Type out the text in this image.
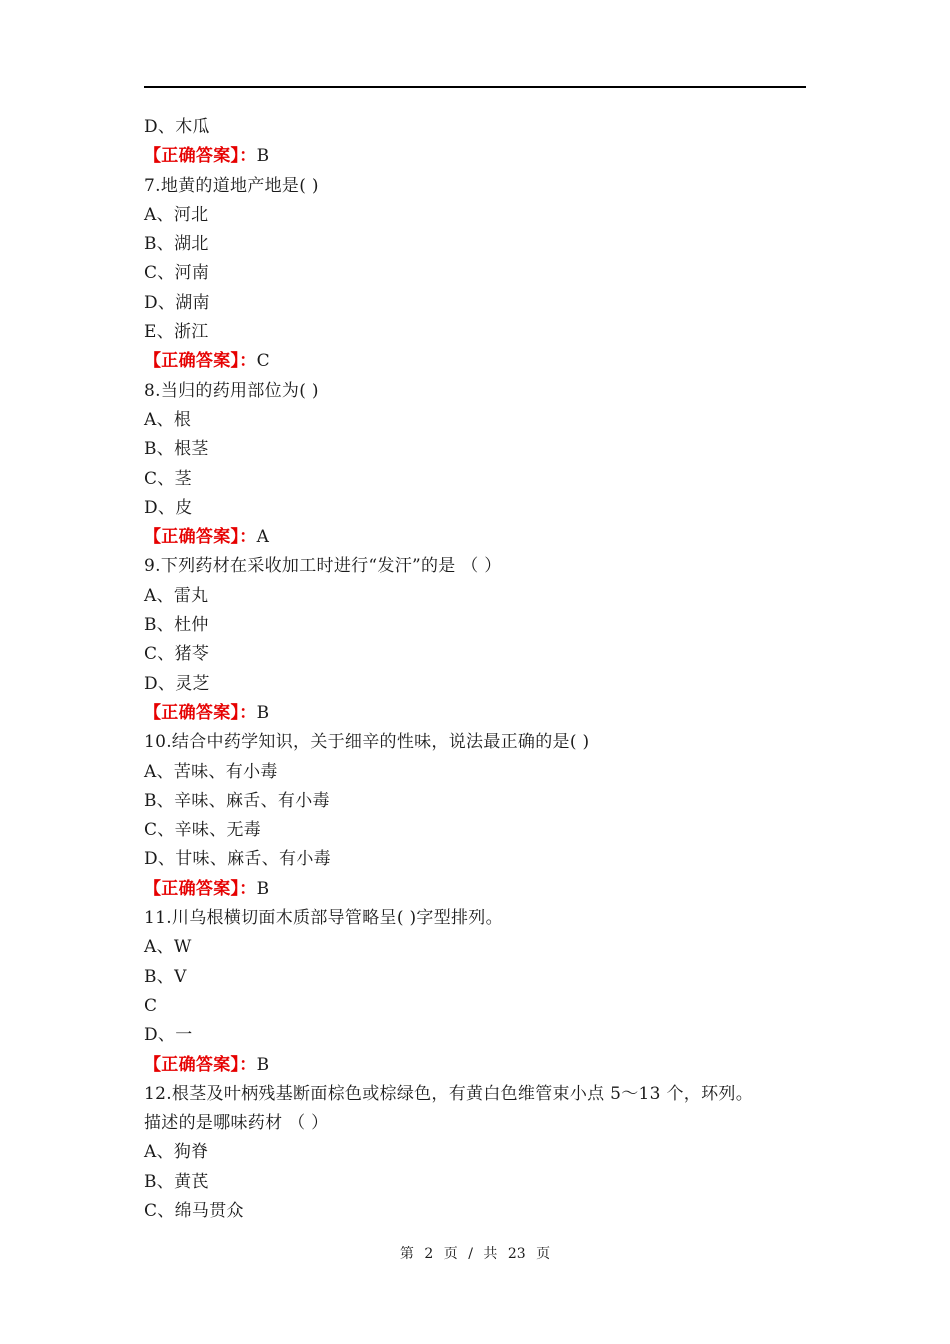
D、木瓜
【正确答案】：B
7.地黄的道地产地是( )
A、河北
B、湖北
C、河南
D、湖南
E、浙江
【正确答案】：C
8.当归的药用部位为( )
A、根
B、根茎
C、茎
D、皮
【正确答案】：A
9.下列药材在采收加工时进行“发汗”的是 （ ）
A、雷丸
B、杜仲
C、猪苓
D、灵芝
【正确答案】：B
10.结合中药学知识，关于细辛的性味，说法最正确的是( )
A、苦味、有小毒
B、辛味、麻舌、有小毒
C、辛味、无毒
D、甘味、麻舌、有小毒
【正确答案】：B
11.川乌根横切面木质部导管略呈( )字型排列。
A、W
B、V
C
D、一
【正确答案】：B
12.根茎及叶柄残基断面棕色或棕绿色，有黄白色维管束小点 5～13 个，环列。
描述的是哪味药材 （ ）
A、狗脊
B、黄芪
C、绵马贯众
第 2 页 / 共 23 页
